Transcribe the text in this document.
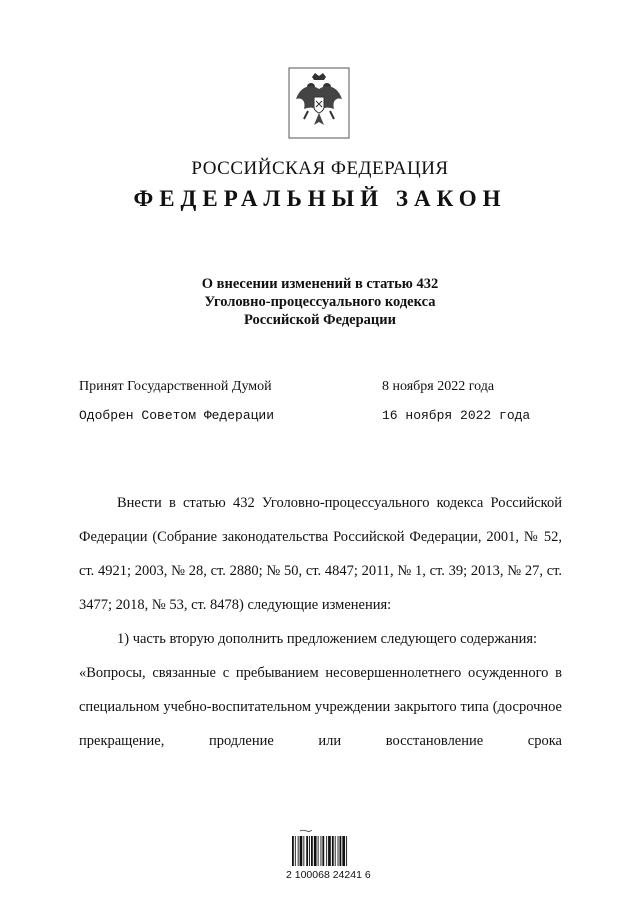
РОССИЙСКАЯ ФЕДЕРАЦИЯ
ФЕДЕРАЛЬНЫЙ ЗАКОН
О внесении изменений в статью 432
Уголовно-процессуального кодекса
Российской Федерации
Принят Государственной Думой	8 ноября 2022 года
Одобрен Советом Федерации	16 ноября 2022 года

Внести в статью 432 Уголовно-процессуального кодекса Российской Федерации (Собрание законодательства Российской Федерации, 2001, № 52, ст. 4921; 2003, № 28, ст. 2880; № 50, ст. 4847; 2011, № 1, ст. 39; 2013, № 27, ст. 3477; 2018, № 53, ст. 8478) следующие изменения:

1) часть вторую дополнить предложением следующего содержания:

«Вопросы, связанные с пребыванием несовершеннолетнего осужденного в специальном учебно-воспитательном учреждении закрытого типа (досрочное прекращение, продление или восстановление срока

2 100068 24241 6
